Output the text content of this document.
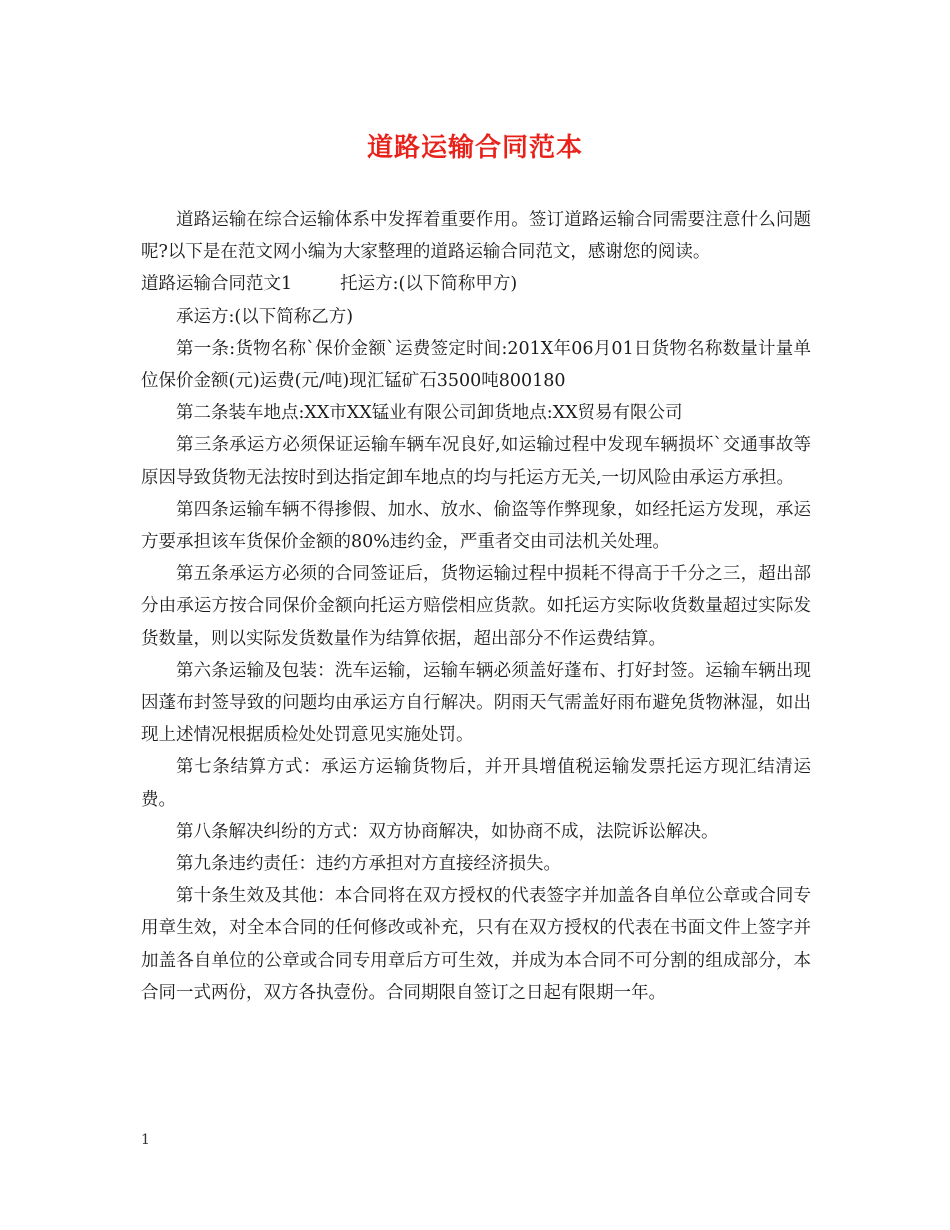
道路运输合同范本

道路运输在综合运输体系中发挥着重要作用。签订道路运输合同需要注意什么问题呢?以下是在范文网小编为大家整理的道路运输合同范文，感谢您的阅读。

道路运输合同范文1	托运方:(以下简称甲方)

承运方:(以下简称乙方)

第一条:货物名称`保价金额`运费签定时间:201X年06月01日货物名称数量计量单位保价金额(元)运费(元/吨)现汇锰矿石3500吨800180

第二条装车地点:XX市XX锰业有限公司卸货地点:XX贸易有限公司

第三条承运方必须保证运输车辆车况良好,如运输过程中发现车辆损坏`交通事故等原因导致货物无法按时到达指定卸车地点的均与托运方无关,一切风险由承运方承担。

第四条运输车辆不得掺假、加水、放水、偷盗等作弊现象，如经托运方发现，承运方要承担该车货保价金额的80%违约金，严重者交由司法机关处理。

第五条承运方必须的合同签证后，货物运输过程中损耗不得高于千分之三，超出部分由承运方按合同保价金额向托运方赔偿相应货款。如托运方实际收货数量超过实际发货数量，则以实际发货数量作为结算依据，超出部分不作运费结算。

第六条运输及包装：洗车运输，运输车辆必须盖好蓬布、打好封签。运输车辆出现因蓬布封签导致的问题均由承运方自行解决。阴雨天气需盖好雨布避免货物淋湿，如出现上述情况根据质检处处罚意见实施处罚。

第七条结算方式：承运方运输货物后，并开具增值税运输发票托运方现汇结清运费。

第八条解决纠纷的方式：双方协商解决，如协商不成，法院诉讼解决。

第九条违约责任：违约方承担对方直接经济损失。

第十条生效及其他：本合同将在双方授权的代表签字并加盖各自单位公章或合同专用章生效，对全本合同的任何修改或补充，只有在双方授权的代表在书面文件上签字并加盖各自单位的公章或合同专用章后方可生效，并成为本合同不可分割的组成部分，本合同一式两份，双方各执壹份。合同期限自签订之日起有限期一年。

1
